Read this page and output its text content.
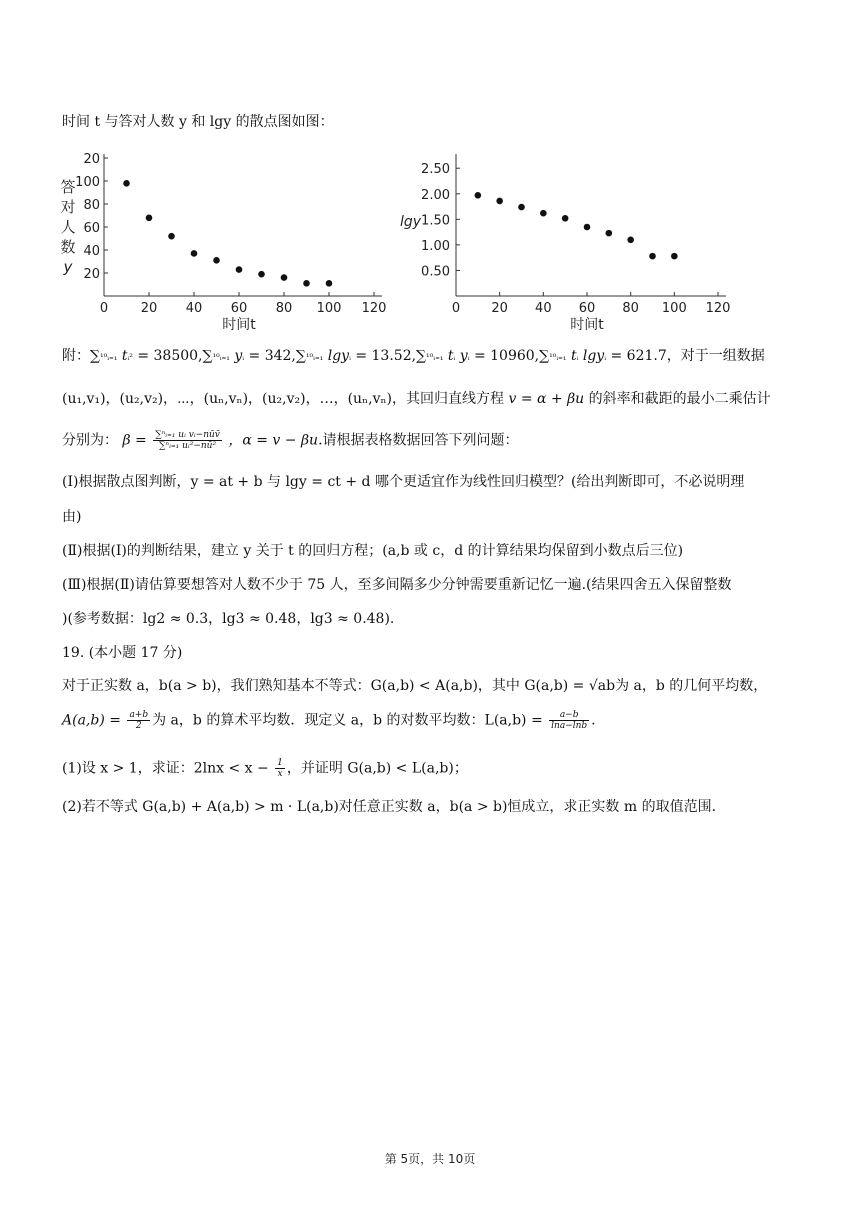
时间 t 与答对人数 y 和 lgy 的散点图如图：
0	20 40 60 80 100 120
20
40
60
80
100
20
答
对
人
数
y
时间t
0 20 40 60 80 100 120
0.50
1.00
1.50
2.00
2.50
lgy
时间t
附：∑¹⁰ᵢ₌₁ tᵢ² = 38500,∑¹⁰ᵢ₌₁ yᵢ = 342,∑¹⁰ᵢ₌₁ lgyᵢ = 13.52,∑¹⁰ᵢ₌₁ tᵢ yᵢ = 10960,∑¹⁰ᵢ₌₁ tᵢ lgyᵢ = 621.7，对于一组数据
(u₁,v₁)，(u₂,v₂)，⋯，(uₙ,vₙ)，(u₂,v₂)，…，(uₙ,vₙ)，其回归直线方程 v = α + βu 的斜率和截距的最小二乘估计
分别为： $\beta = \frac{\text{∑ⁿᵢ₌₁ uᵢ vᵢ−nūv̄}}{\text{∑ⁿᵢ₌₁ uᵢ²−nū²}}$ ，α = v − βu.请根据表格数据回答下列问题：
(Ⅰ)根据散点图判断，y = at + b 与 lgy = ct + d 哪个更适宜作为线性回归模型？(给出判断即可，不必说明理
由)
(Ⅱ)根据(Ⅰ)的判断结果，建立 y 关于 t 的回归方程；(a,b 或 c，d 的计算结果均保留到小数点后三位)
(Ⅲ)根据(Ⅱ)请估算要想答对人数不少于 75 人，至多间隔多少分钟需要重新记忆一遍.(结果四舍五入保留整数
)(参考数据：lg2 ≈ 0.3，lg3 ≈ 0.48，lg3 ≈ 0.48).
19. (本小题 17 分)
对于正实数 a，b(a > b)，我们熟知基本不等式：G(a,b) < A(a,b)，其中 G(a,b) = √ab为 a，b 的几何平均数，
$A(a,b) = \frac{a+b}{2}$ 为 a，b 的算术平均数．现定义 a，b 的对数平均数：$L(a,b) = \frac{a-b}{\ln a-\ln b}$ .
(1)设 x > 1，求证：$2\ln x < x - \frac{1}{x}$ ，并证明 G(a,b) < L(a,b)；
(2)若不等式 G(a,b) + A(a,b) > m · L(a,b)对任意正实数 a，b(a > b)恒成立，求正实数 m 的取值范围.
第 5页，共 10页
